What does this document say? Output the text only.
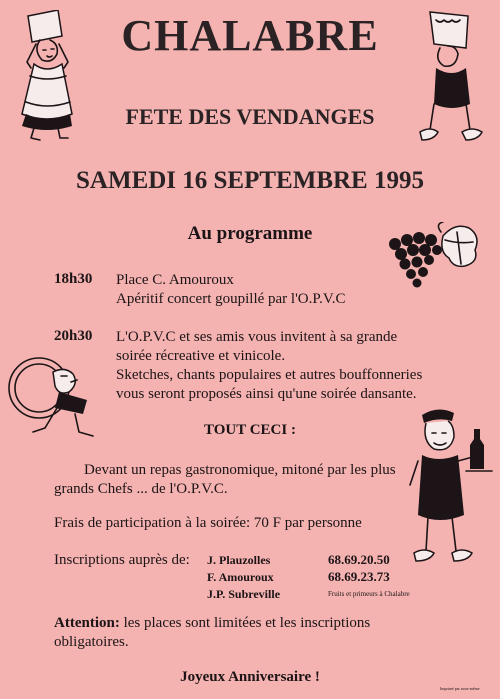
CHALABRE
FETE DES VENDANGES
SAMEDI 16 SEPTEMBRE 1995
Au programme
18h30 Place C. Amouroux
Apéritif concert goupillé par l'O.P.V.C
20h30 L'O.P.V.C et ses amis vous invitent à sa grande
soirée récreative et vinicole.
Sketches, chants populaires et autres bouffonneries
vous seront proposés ainsi qu'une soirée dansante.
TOUT CECI :
Devant un repas gastronomique, mitoné par les plus
grands Chefs ... de l'O.P.V.C.
Frais de participation à la soirée: 70 F par personne
Inscriptions auprès de: J. Plauzolles	68.69.20.50
F. Amouroux	68.69.23.73
J.P. Subreville	Fruits et primeurs à Chalabre
Attention: les places sont limitées et les inscriptions
obligatoires.
Joyeux Anniversaire !
Imprimé par nous-même
